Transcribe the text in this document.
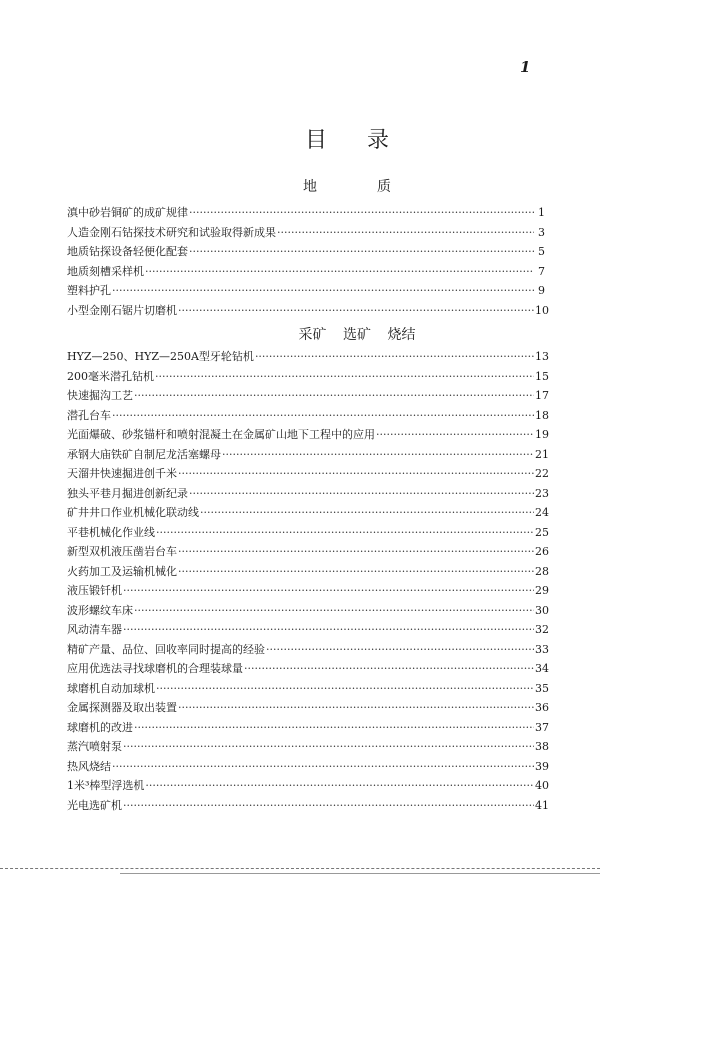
1
目录
地质
滇中砂岩铜矿的成矿规律 ·····	1
人造金刚石钻探技术研究和试验取得新成果 ·····	3
地质钻探设备轻便化配套 ·····	5
地质刻槽采样机 ·····	7
塑料护孔 ·····	9
小型金刚石锯片切磨机 ·····	10
采矿 选矿 烧结
HYZ—250、HYZ—250A型牙轮钻机 ·····	13
200毫米潜孔钻机 ·····	15
快速掘沟工艺 ·····	17
潜孔台车 ·····	18
光面爆破、砂浆锚杆和喷射混凝土在金属矿山地下工程中的应用 ·····	19
承钢大庙铁矿自制尼龙活塞螺母 ·····	21
天溜井快速掘进创千米 ·····	22
独头平巷月掘进创新纪录 ·····	23
矿井井口作业机械化联动线 ·····	24
平巷机械化作业线 ·····	25
新型双机液压凿岩台车 ·····	26
火药加工及运输机械化 ·····	28
液压锻钎机 ·····	29
波形螺纹车床 ·····	30
风动清车器 ·····	32
精矿产量、品位、回收率同时提高的经验 ·····	33
应用优选法寻找球磨机的合理装球量 ·····	34
球磨机自动加球机 ·····	35
金属探测器及取出装置 ·····	36
球磨机的改进 ·····	37
蒸汽喷射泵 ·····	38
热风烧结 ·····	39
1米³棒型浮选机 ·····	40
光电选矿机 ·····	41
